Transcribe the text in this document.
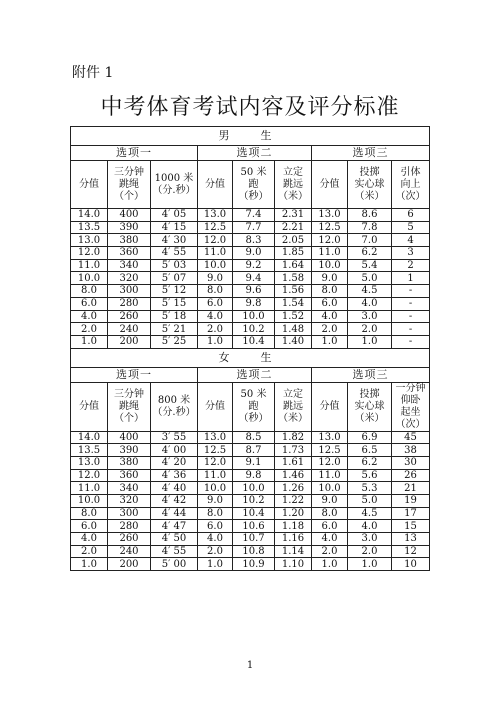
附件 1
中考体育考试内容及评分标准
男　生								
选项一			选项二			选项三		

分值	三分钟
跳绳
（个）	1000 米
（分.秒）	分值	50 米
跑
（秒）	立定
跳远
（米）	分值	投掷
实心球
（米）	引体
向上
（次）

14.0	400	4′ 05	13.0	7.4	2.31	13.0	8.6	6
13.5	390	4′ 15	12.5	7.7	2.21	12.5	7.8	5
13.0	380	4′ 30	12.0	8.3	2.05	12.0	7.0	4
12.0	360	4′ 55	11.0	9.0	1.85	11.0	6.2	3
11.0	340	5′ 03	10.0	9.2	1.64	10.0	5.4	2
10.0	320	5′ 07	9.0	9.4	1.58	9.0	5.0	1
8.0	300	5′ 12	8.0	9.6	1.56	8.0	4.5	-
6.0	280	5′ 15	6.0	9.8	1.54	6.0	4.0	-
4.0	260	5′ 18	4.0	10.0	1.52	4.0	3.0	-
2.0	240	5′ 21	2.0	10.2	1.48	2.0	2.0	-
1.0	200	5′ 25	1.0	10.4	1.40	1.0	1.0	-
女　生								
选项一			选项二			选项三		

分值	三分钟
跳绳
（个）	800 米
（分.秒）	分值	50 米
跑
（秒）	立定
跳远
（米）	分值	投掷
实心球
（米）	一分钟
仰卧
起坐
（次）

14.0	400	3′ 55	13.0	8.5	1.82	13.0	6.9	45
13.5	390	4′ 00	12.5	8.7	1.73	12.5	6.5	38
13.0	380	4′ 20	12.0	9.1	1.61	12.0	6.2	30
12.0	360	4′ 36	11.0	9.8	1.46	11.0	5.6	26
11.0	340	4′ 40	10.0	10.0	1.26	10.0	5.3	21
10.0	320	4′ 42	9.0	10.2	1.22	9.0	5.0	19
8.0	300	4′ 44	8.0	10.4	1.20	8.0	4.5	17
6.0	280	4′ 47	6.0	10.6	1.18	6.0	4.0	15
4.0	260	4′ 50	4.0	10.7	1.16	4.0	3.0	13
2.0	240	4′ 55	2.0	10.8	1.14	2.0	2.0	12
1.0	200	5′ 00	1.0	10.9	1.10	1.0	1.0	10
1
